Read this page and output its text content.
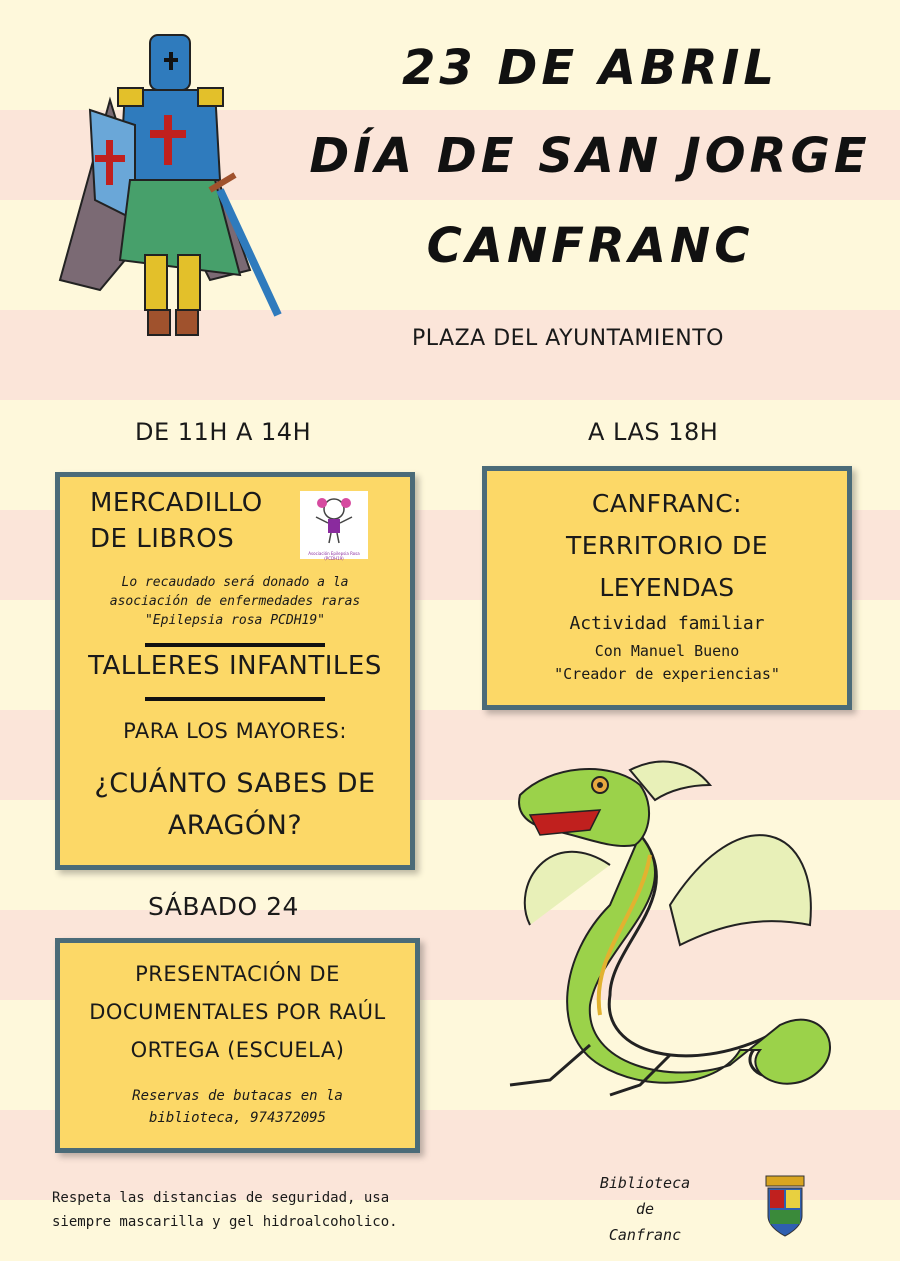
23 DE ABRIL
DÍA DE SAN JORGE
CANFRANC
PLAZA DEL AYUNTAMIENTO
DE 11H A 14H
MERCADILLO
DE LIBROS	Asociación Epilepsia Rosa
(PCDH19)
Lo recaudado será donado a la
asociación de enfermedades raras
"Epilepsia rosa PCDH19"
TALLERES INFANTILES
PARA LOS MAYORES:
¿CUÁNTO SABES DE
ARAGÓN?
A LAS 18H
CANFRANC:
TERRITORIO DE
LEYENDAS
Actividad familiar
Con Manuel Bueno
"Creador de experiencias"
SÁBADO 24
PRESENTACIÓN DE
DOCUMENTALES POR RAÚL
ORTEGA (ESCUELA)
Reservas de butacas en la
biblioteca, 974372095
Respeta las distancias de seguridad, usa
siempre mascarilla y gel hidroalcoholico.
Biblioteca
de
Canfranc
